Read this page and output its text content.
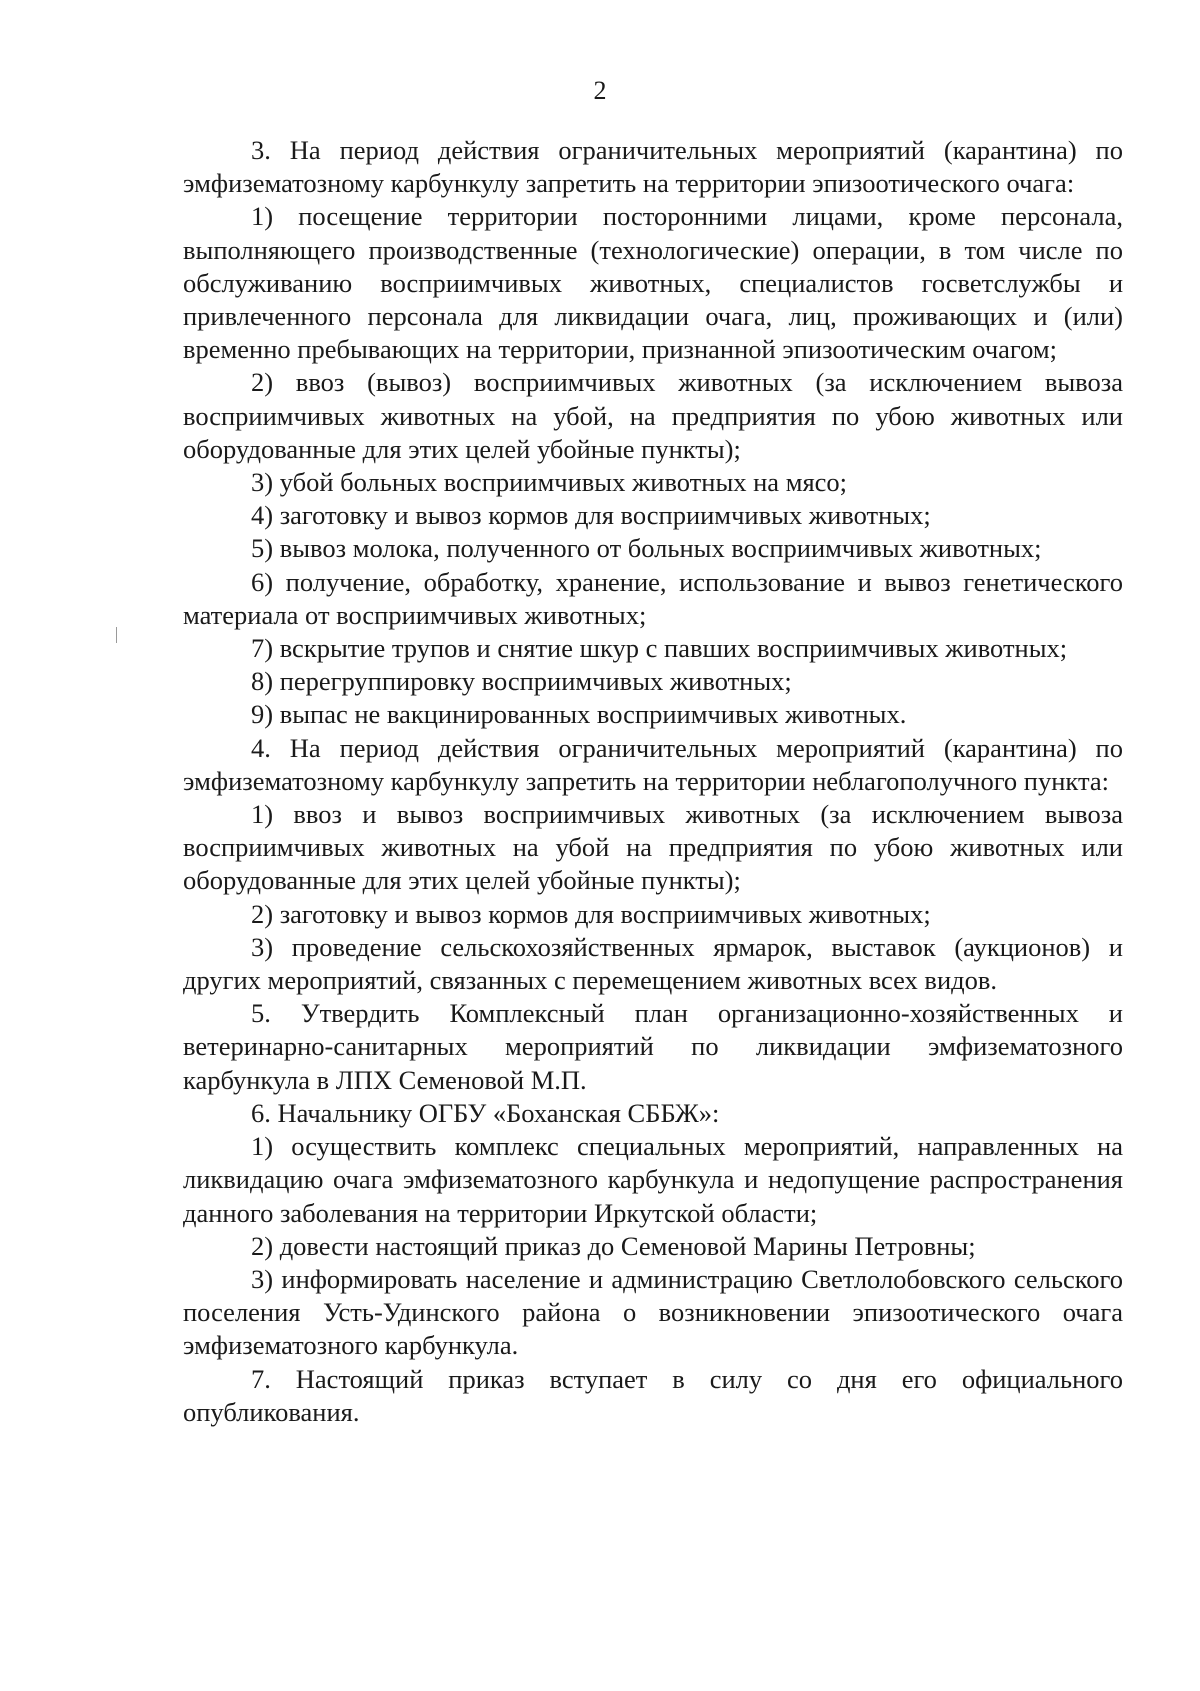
2

3. На период действия ограничительных мероприятий (карантина) по эмфизематозному карбункулу запретить на территории эпизоотического очага:

1) посещение территории посторонними лицами, кроме персонала, выполняющего производственные (технологические) операции, в том числе по обслуживанию восприимчивых животных, специалистов госветслужбы и привлеченного персонала для ликвидации очага, лиц, проживающих и (или) временно пребывающих на территории, признанной эпизоотическим очагом;

2) ввоз (вывоз) восприимчивых животных (за исключением вывоза восприимчивых животных на убой, на предприятия по убою животных или оборудованные для этих целей убойные пункты);

3) убой больных восприимчивых животных на мясо;

4) заготовку и вывоз кормов для восприимчивых животных;

5) вывоз молока, полученного от больных восприимчивых животных;

6) получение, обработку, хранение, использование и вывоз генетического материала от восприимчивых животных;

7) вскрытие трупов и снятие шкур с павших восприимчивых животных;

8) перегруппировку восприимчивых животных;

9) выпас не вакцинированных восприимчивых животных.

4. На период действия ограничительных мероприятий (карантина) по эмфизематозному карбункулу запретить на территории неблагополучного пункта:

1) ввоз и вывоз восприимчивых животных (за исключением вывоза восприимчивых животных на убой на предприятия по убою животных или оборудованные для этих целей убойные пункты);

2) заготовку и вывоз кормов для восприимчивых животных;

3) проведение сельскохозяйственных ярмарок, выставок (аукционов) и других мероприятий, связанных с перемещением животных всех видов.

5. Утвердить Комплексный план организационно-хозяйственных и ветеринарно-санитарных мероприятий по ликвидации эмфизематозного карбункула в ЛПХ Семеновой М.П.

6. Начальнику ОГБУ «Боханская СББЖ»:

1) осуществить комплекс специальных мероприятий, направленных на ликвидацию очага эмфизематозного карбункула и недопущение распространения данного заболевания на территории Иркутской области;

2) довести настоящий приказ до Семеновой Марины Петровны;

3) информировать население и администрацию Светлолобовского сельского поселения Усть-Удинского района о возникновении эпизоотического очага эмфизематозного карбункула.

7. Настоящий приказ вступает в силу со дня его официального опубликования.
